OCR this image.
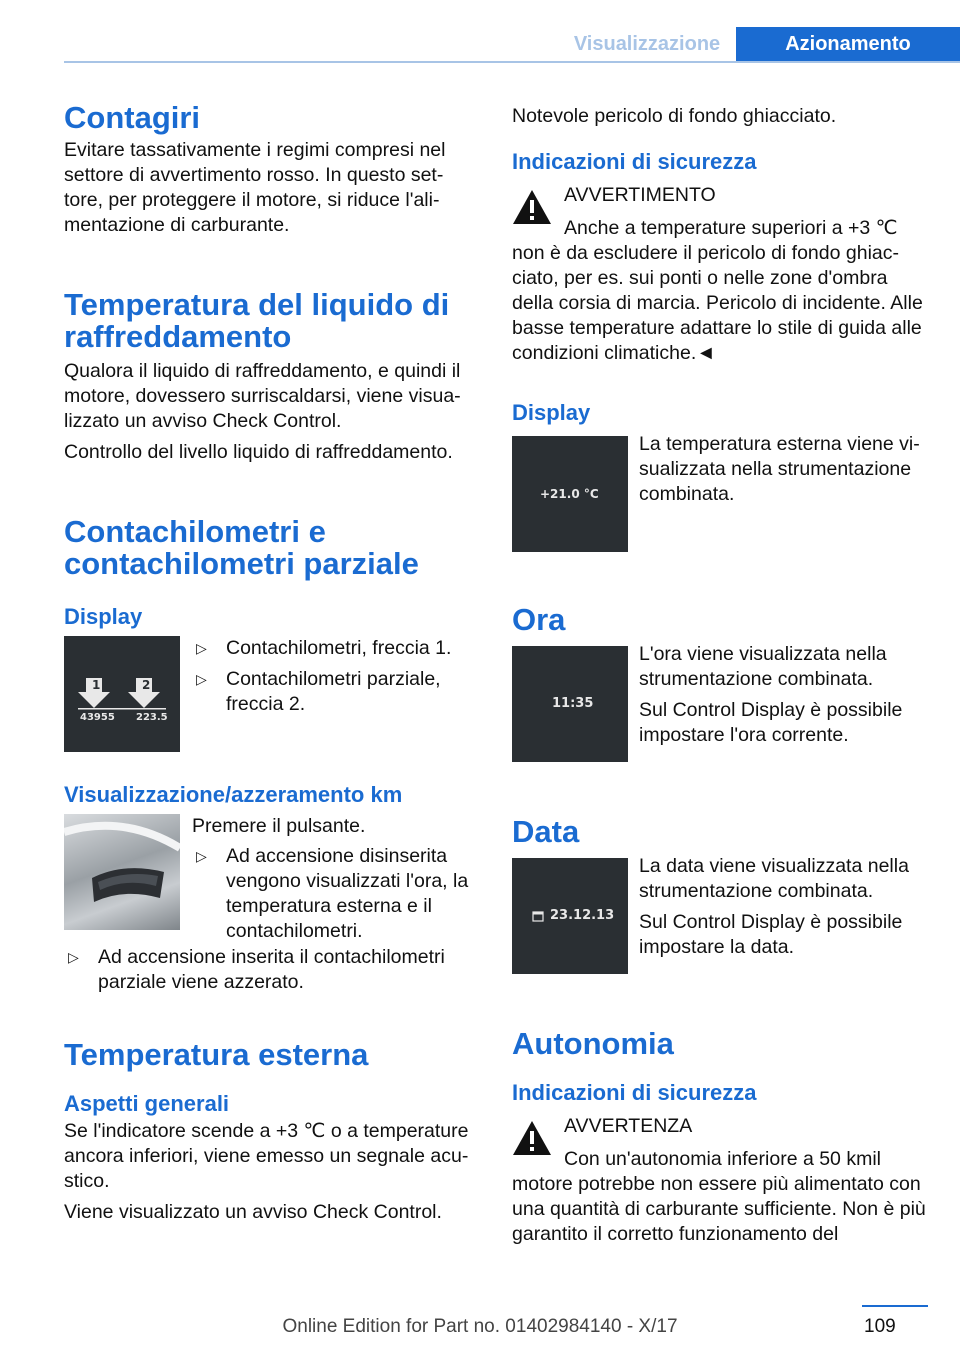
Visualizzazione	Azionamento
Contagiri

Evitare tassativamente i regimi compresi nel settore di avvertimento rosso. In questo set-tore, per proteggere il motore, si riduce l'ali-mentazione di carburante.

Temperatura del liquido di raffreddamento

Qualora il liquido di raffreddamento, e quindi il motore, dovessero surriscaldarsi, viene visua-lizzato un avviso Check Control.

Controllo del livello liquido di raffreddamento.

Contachilometri e contachilometri parziale
Display
1	2
43955 223.5
▷ Contachilometri, freccia 1.
▷ Contachilometri parziale, freccia 2.
Visualizzazione/azzeramento km

Premere il pulsante.

▷ Ad accensione disinserita vengono visualizzati l'ora, la temperatura esterna e il contachilometri.
▷ Ad accensione inserita il contachilometri parziale viene azzerato.
Temperatura esterna
Aspetti generali

Se l'indicatore scende a +3 ℃ o a temperature ancora inferiori, viene emesso un segnale acu-stico.

Viene visualizzato un avviso Check Control.

Notevole pericolo di fondo ghiacciato.

Indicazioni di sicurezza

AVVERTIMENTO

Anche a temperature superiori a +3 ℃ non è da escludere il pericolo di fondo ghiac-ciato, per es. sui ponti o nelle zone d'ombra della corsia di marcia. Pericolo di incidente. Alle basse temperature adattare lo stile di guida alle condizioni climatiche.◄

Display
+21.0 °C

La temperatura esterna viene vi-sualizzata nella strumentazione combinata.

Ora
11:35

L'ora viene visualizzata nella strumentazione combinata.

Sul Control Display è possibile impostare l'ora corrente.

Data
23.12.13

La data viene visualizzata nella strumentazione combinata.

Sul Control Display è possibile impostare la data.

Autonomia
Indicazioni di sicurezza

AVVERTENZA

Con un'autonomia inferiore a 50 kmil motore potrebbe non essere più alimentato con una quantità di carburante sufficiente. Non è più garantito il corretto funzionamento del

109
Online Edition for Part no. 01402984140 - X/17
